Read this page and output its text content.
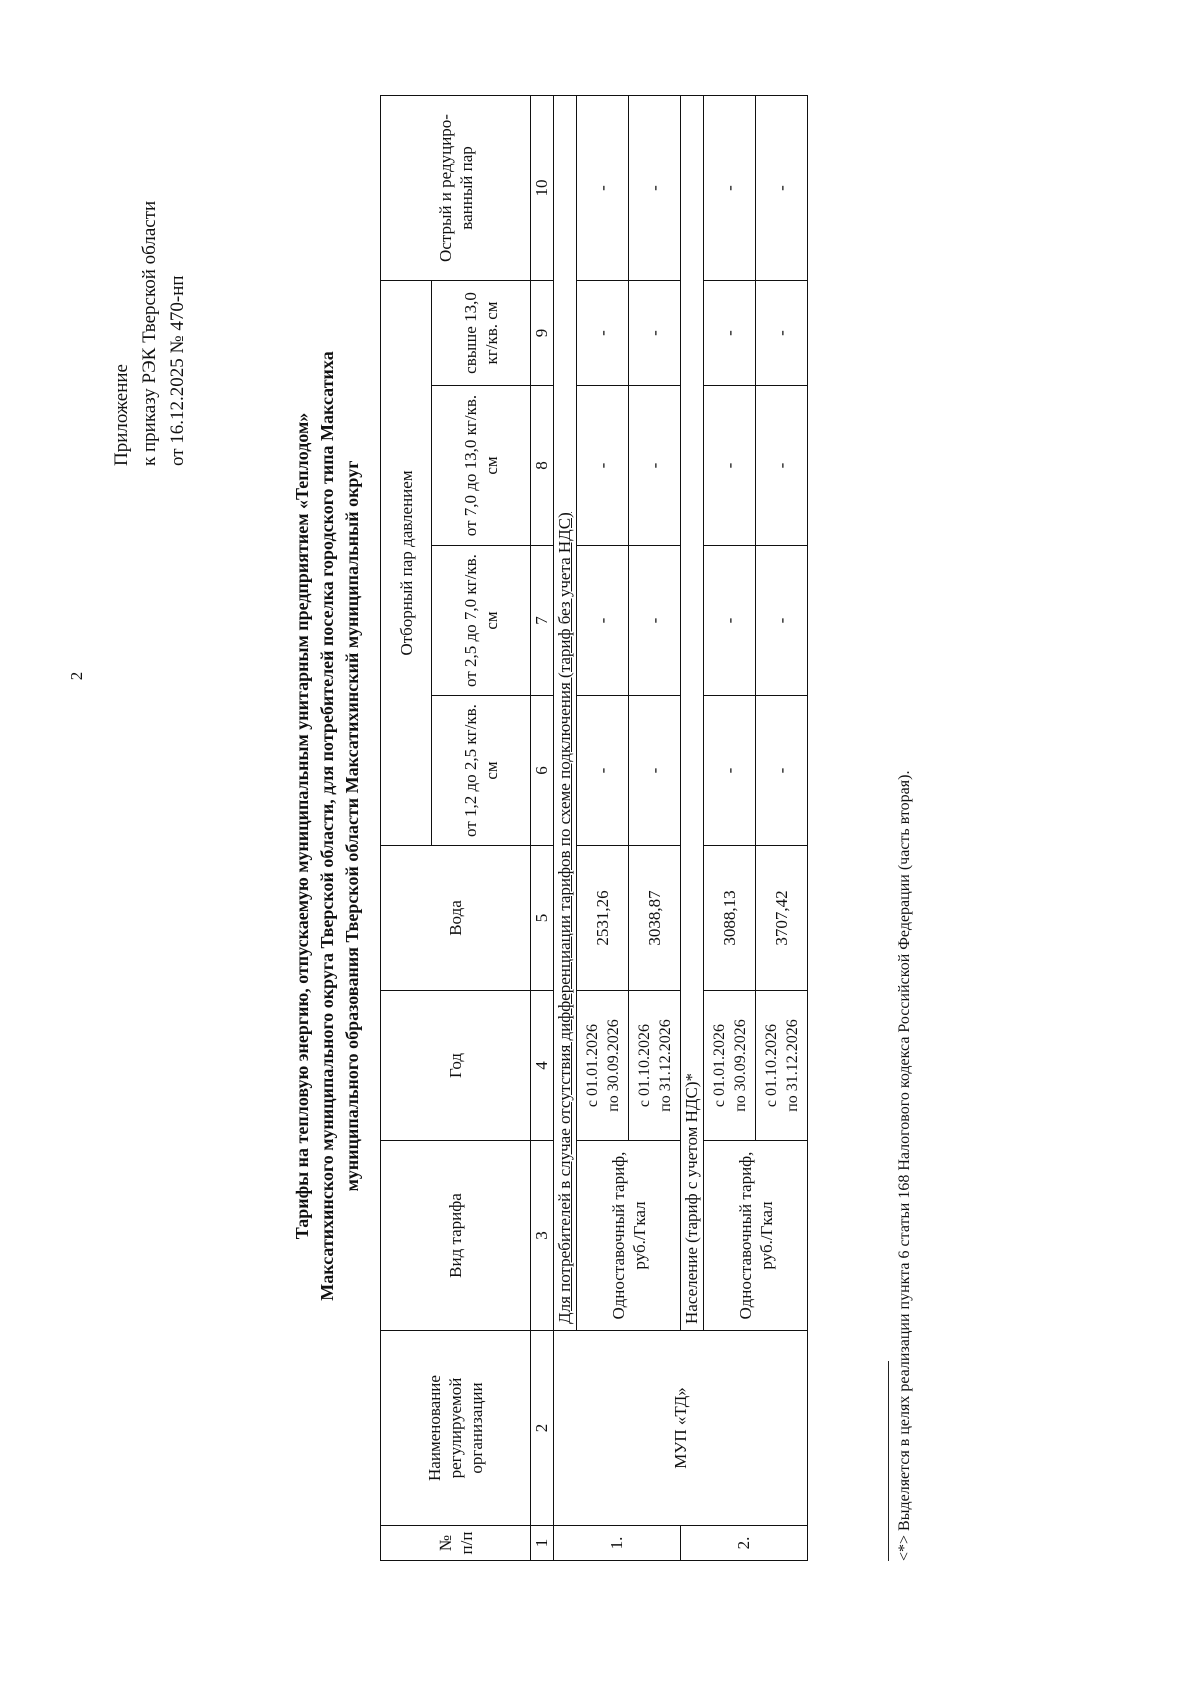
2
Приложение к приказу РЭК Тверской области от 16.12.2025 № 470-нп
Тарифы на тепловую энергию, отпускаемую муниципальным унитарным предприятием «Теплодом» Максатихинского муниципального округа Тверской области, для потребителей поселка городского типа Максатиха муниципального образования Тверской области Максатихинский муниципальный округ
№ п/п	Наименование регулируемой организации	Вид тарифа	Год	Вода	Отборный пар давлением				Острый и редуциро-ванный пар
					от 1,2 до 2,5 кг/кв. см	от 2,5 до 7,0 кг/кв. см	от 7,0 до 13,0 кг/кв. см	свыше 13,0 кг/кв. см	
1	2	3	4	5	6	7	8	9	10
1.	МУП «ТД»	Для потребителей в случае отсутствия дифференциации тарифов по схеме подключения (тариф без учета НДС)							
		Одноставочный тариф, руб./Гкал	с 01.01.2026 по 30.09.2026	2531,26	-	-	-	-	-

			с 01.10.2026 по 31.12.2026	3038,87	-	-	-	-	-
2.		Население (тариф с учетом НДС)*							
		Одноставочный тариф, руб./Гкал	с 01.01.2026 по 30.09.2026	3088,13	-	-	-	-	-

			с 01.10.2026 по 31.12.2026	3707,42	-	-	-	-	-
<*> Выделяется в целях реализации пункта 6 статьи 168 Налогового кодекса Российской Федерации (часть вторая).
